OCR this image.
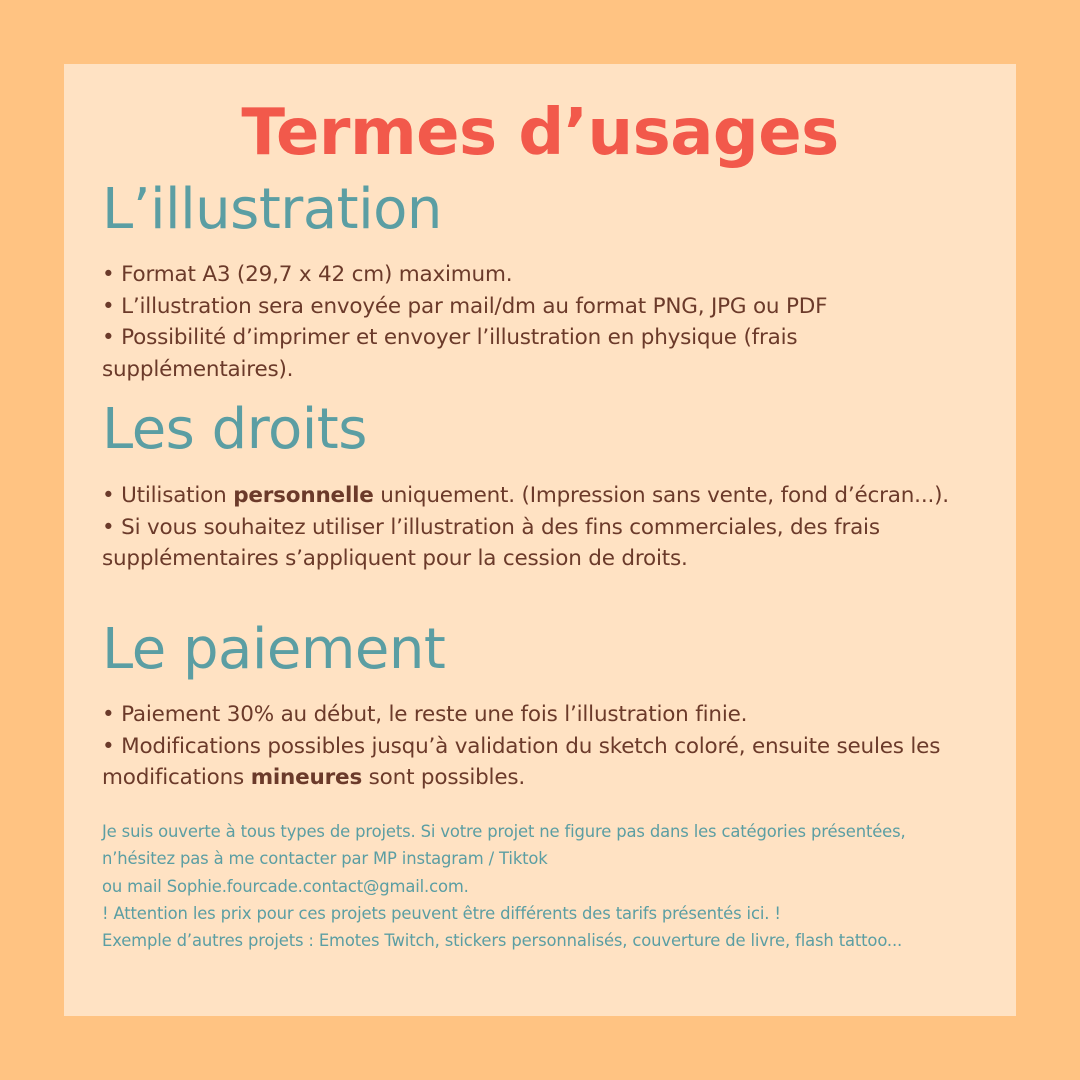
Termes d’usages
L’illustration

• Format A3 (29,7 x 42 cm) maximum.

• L’illustration sera envoyée par mail/dm au format PNG, JPG ou PDF

• Possibilité d’imprimer et envoyer l’illustration en physique (frais supplémentaires).

Les droits

• Utilisation personnelle uniquement. (Impression sans vente, fond d’écran...).

• Si vous souhaitez utiliser l’illustration à des fins commerciales, des frais supplémentaires s’appliquent pour la cession de droits.

Le paiement

• Paiement 30% au début, le reste une fois l’illustration finie.

• Modifications possibles jusqu’à validation du sketch coloré, ensuite seules les modifications mineures sont possibles.

Je suis ouverte à tous types de projets. Si votre projet ne figure pas dans les catégories présentées, n’hésitez pas à me contacter par MP instagram / Tiktok

ou mail Sophie.fourcade.contact@gmail.com.

! Attention les prix pour ces projets peuvent être différents des tarifs présentés ici. !

Exemple d’autres projets : Emotes Twitch, stickers personnalisés, couverture de livre, flash tattoo...
